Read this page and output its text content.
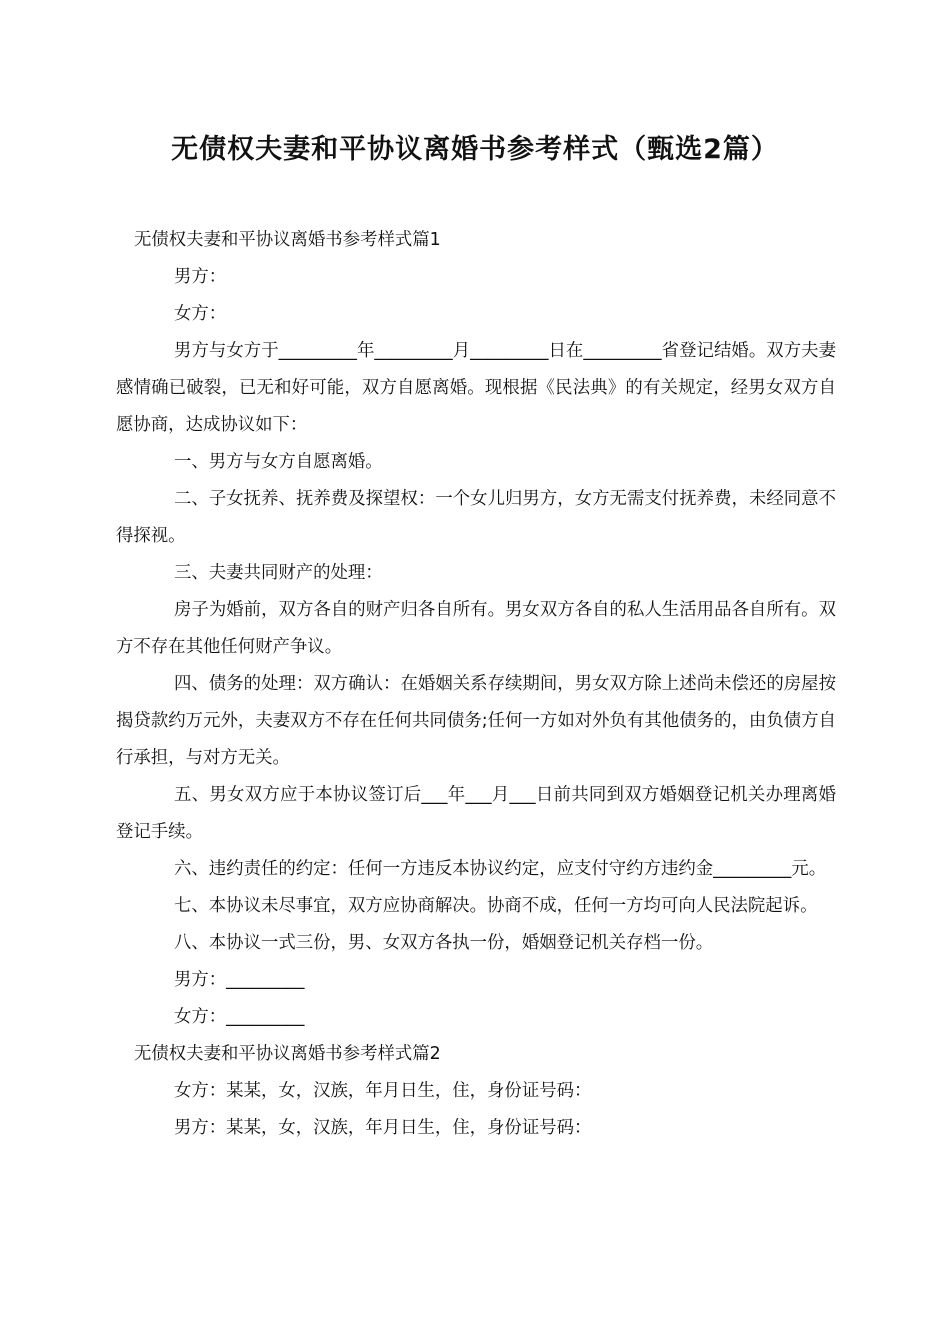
无债权夫妻和平协议离婚书参考样式（甄选2篇）

无债权夫妻和平协议离婚书参考样式篇1

男方：

女方：

男方与女方于_________年_________月_________日在_________省登记结婚。双方夫妻感情确已破裂，已无和好可能，双方自愿离婚。现根据《民法典》的有关规定，经男女双方自愿协商，达成协议如下：

一、男方与女方自愿离婚。

二、子女抚养、抚养费及探望权：一个女儿归男方，女方无需支付抚养费，未经同意不得探视。

三、夫妻共同财产的处理：

房子为婚前，双方各自的财产归各自所有。男女双方各自的私人生活用品各自所有。双方不存在其他任何财产争议。

四、债务的处理：双方确认：在婚姻关系存续期间，男女双方除上述尚未偿还的房屋按揭贷款约万元外，夫妻双方不存在任何共同债务;任何一方如对外负有其他债务的，由负债方自行承担，与对方无关。

五、男女双方应于本协议签订后___年___月___日前共同到双方婚姻登记机关办理离婚登记手续。

六、违约责任的约定：任何一方违反本协议约定，应支付守约方违约金_________元。

七、本协议未尽事宜，双方应协商解决。协商不成，任何一方均可向人民法院起诉。

八、本协议一式三份，男、女双方各执一份，婚姻登记机关存档一份。

男方：_________

女方：_________

无债权夫妻和平协议离婚书参考样式篇2

女方：某某，女，汉族，年月日生，住，身份证号码：

男方：某某，女，汉族，年月日生，住，身份证号码：
